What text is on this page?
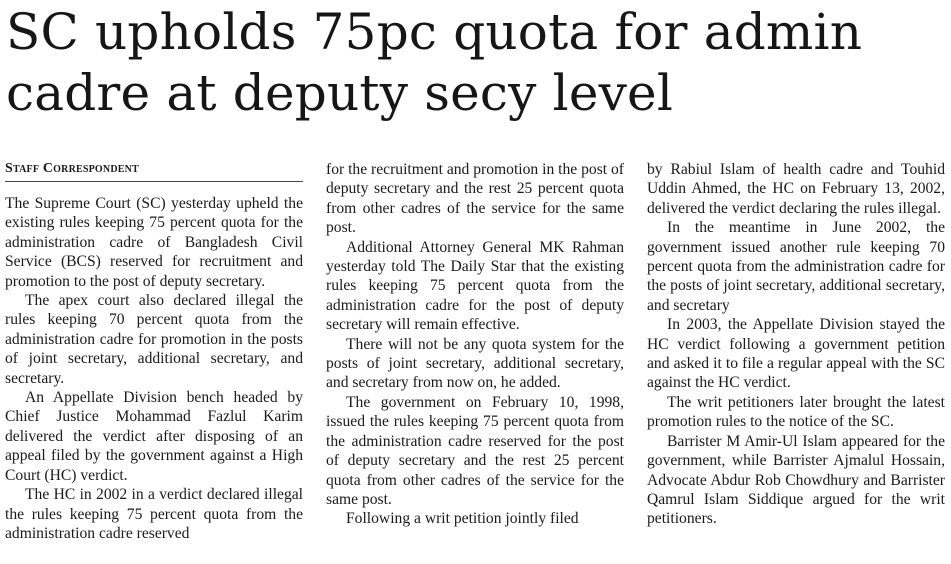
SC upholds 75pc quota for admin
cadre at deputy secy level
Staff Correspondent

The Supreme Court (SC) yesterday upheld the existing rules keeping 75 percent quota for the administration cadre of Bangladesh Civil Service (BCS) reserved for recruitment and promotion to the post of deputy secretary.

The apex court also declared illegal the rules keeping 70 percent quota from the administration cadre for promotion in the posts of joint secretary, additional secretary, and secretary.

An Appellate Division bench headed by Chief Justice Mohammad Fazlul Karim delivered the verdict after disposing of an appeal filed by the government against a High Court (HC) verdict.

The HC in 2002 in a verdict declared illegal the rules keeping 75 percent quota from the administration cadre reserved

for the recruitment and promotion in the post of deputy secretary and the rest 25 percent quota from other cadres of the service for the same post.

Additional Attorney General MK Rahman yesterday told The Daily Star that the existing rules keeping 75 percent quota from the administration cadre for the post of deputy secretary will remain effective.

There will not be any quota system for the posts of joint secretary, additional secretary, and secretary from now on, he added.

The government on February 10, 1998, issued the rules keeping 75 percent quota from the administration cadre reserved for the post of deputy secretary and the rest 25 percent quota from other cadres of the service for the same post.

Following a writ petition jointly filed

by Rabiul Islam of health cadre and Touhid Uddin Ahmed, the HC on February 13, 2002, delivered the verdict declaring the rules illegal.

In the meantime in June 2002, the government issued another rule keeping 70 percent quota from the administration cadre for the posts of joint secretary, additional secretary, and secretary

In 2003, the Appellate Division stayed the HC verdict following a government petition and asked it to file a regular appeal with the SC against the HC verdict.

The writ petitioners later brought the latest promotion rules to the notice of the SC.

Barrister M Amir-Ul Islam appeared for the government, while Barrister Ajmalul Hossain, Advocate Abdur Rob Chowdhury and Barrister Qamrul Islam Siddique argued for the writ petitioners.
